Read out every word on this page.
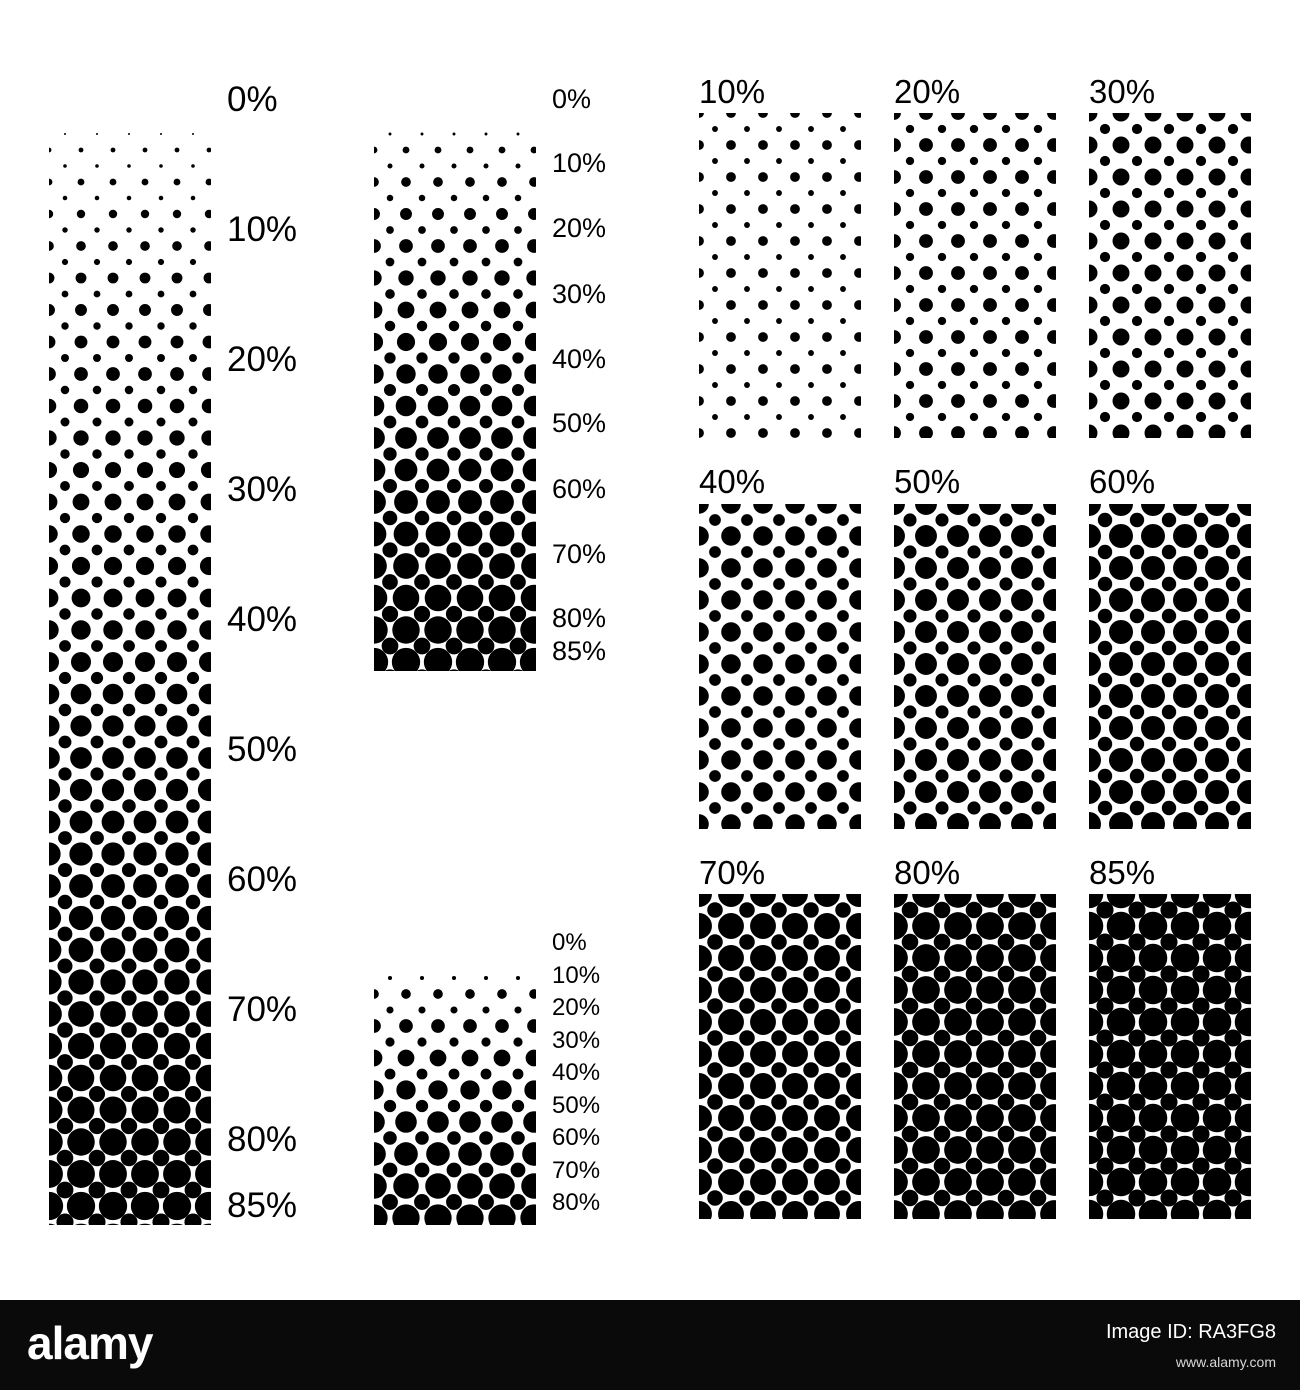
0%
10%
20%
30%
40%
50%
60%
70%
80%
85%
0%
10%
20%
30%
40%
50%
60%
70%
80%
85%
0%
10%
20%
30%
40%
50%
60%
70%
80%
10%	20%	30%
40%	50%	60%
70%	80%	85%
alamy	Image ID: RA3FG8
www.alamy.com
